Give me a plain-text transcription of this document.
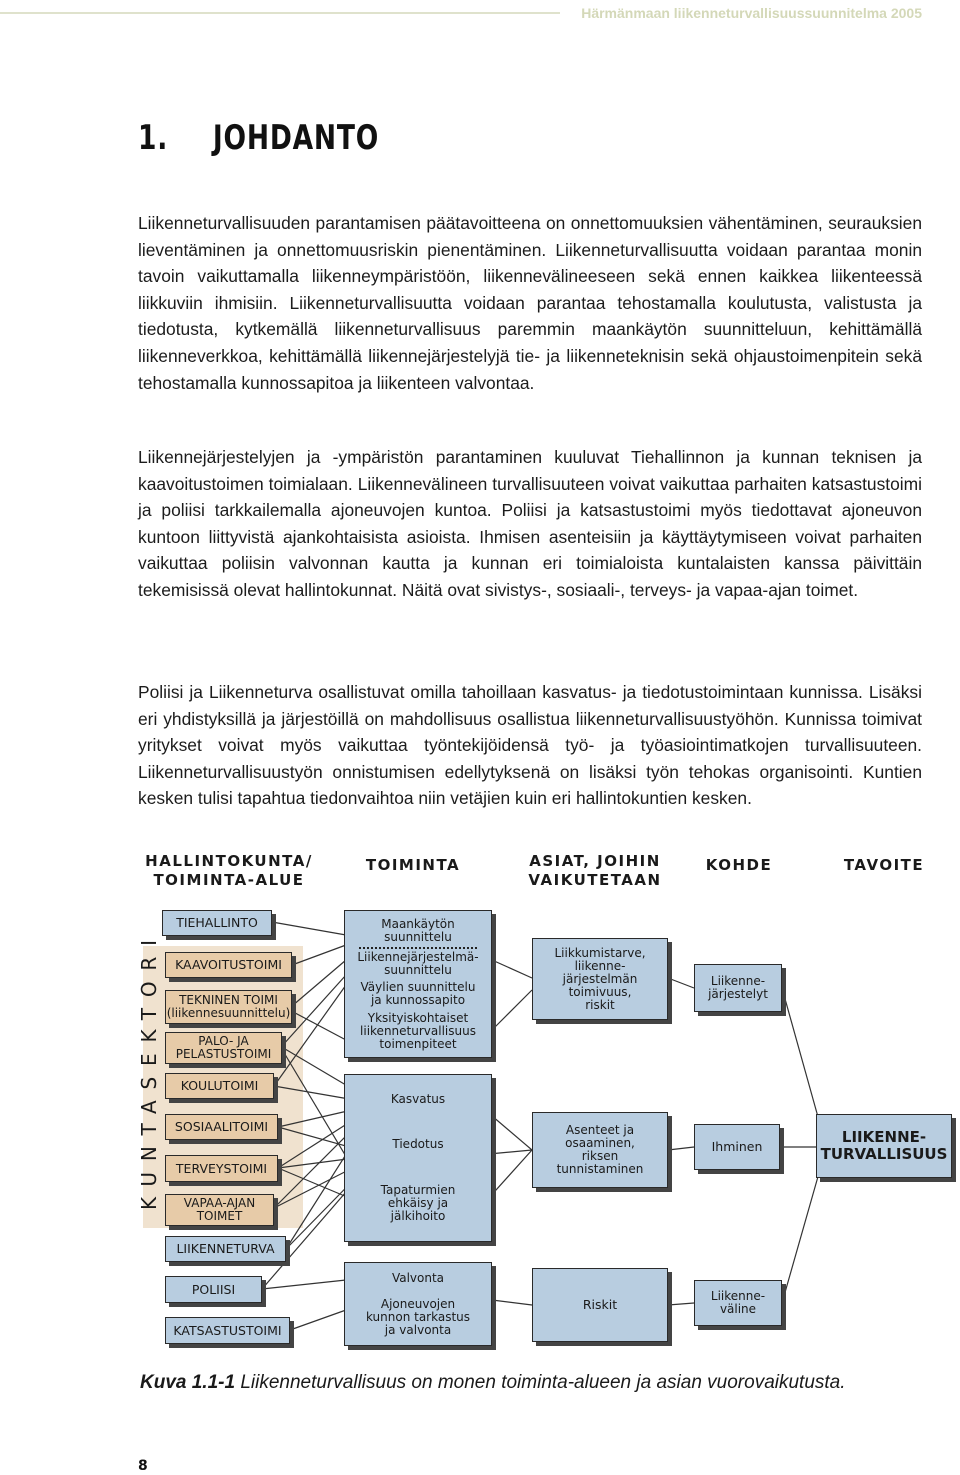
Härmänmaan liikenneturvallisuussuunnitelma 2005
1. JOHDANTO

Liikenneturvallisuuden parantamisen päätavoitteena on onnettomuuksien vähentäminen, seurauksien lieventäminen ja onnettomuusriskin pienentäminen. Liikenneturvallisuutta voidaan parantaa monin tavoin vaikuttamalla liikenneympäristöön, liikennevälineeseen sekä ennen kaikkea liikenteessä liikkuviin ihmisiin. Liikenneturvallisuutta voidaan parantaa tehostamalla koulutusta, valistusta ja tiedotusta, kytkemällä liikenneturvallisuus paremmin maankäytön suunnitteluun, kehittämällä liikenneverkkoa, kehittämällä liikennejärjestelyjä tie- ja liikenneteknisin sekä ohjaustoimenpitein sekä tehostamalla kunnossapitoa ja liikenteen valvontaa.

Liikennejärjestelyjen ja -ympäristön parantaminen kuuluvat Tiehallinnon ja kunnan teknisen ja kaavoitustoimen toimialaan. Liikennevälineen turvallisuuteen voivat vaikuttaa parhaiten katsastustoimi ja poliisi tarkkailemalla ajoneuvojen kuntoa. Poliisi ja katsastustoimi myös tiedottavat ajoneuvon kuntoon liittyvistä ajankohtaisista asioista. Ihmisen asenteisiin ja käyttäytymiseen voivat parhaiten vaikuttaa poliisin valvonnan kautta ja kunnan eri toimialoista kuntalaisten kanssa päivittäin tekemisissä olevat hallintokunnat. Näitä ovat sivistys-, sosiaali-, terveys- ja vapaa-ajan toimet.

Poliisi ja Liikenneturva osallistuvat omilla tahoillaan kasvatus- ja tiedotustoimintaan kunnissa. Lisäksi eri yhdistyksillä ja järjestöillä on mahdollisuus osallistua liikenneturvallisuustyöhön. Kunnissa toimivat yritykset voivat myös vaikuttaa työntekijöidensä työ- ja työasiointimatkojen turvallisuuteen. Liikenneturvallisuustyön onnistumisen edellytyksenä on lisäksi työn tehokas organisointi. Kuntien kesken tulisi tapahtua tiedonvaihtoa niin vetäjien kuin eri hallintokuntien kesken.

HALLINTOKUNTA/
TOIMINTA-ALUE
TOIMINTA	ASIAT, JOIHIN
VAIKUTETAAN
KOHDE	TAVOITE
KUNTASEKTORI
TIEHALLINTO
KAAVOITUSTOIMI
TEKNINEN TOIMI
(liikennesuunnittelu)
PALO- JA
PELASTUSTOIMI
KOULUTOIMI
SOSIAALITOIMI
TERVEYSTOIMI
VAPAA-AJAN
TOIMET
LIIKENNETURVA
POLIISI
KATSASTUSTOIMI
Maankäytön
suunnittelu
Liikennejärjestelmä-
suunnittelu
Väylien suunnittelu
ja kunnossapito
Yksityiskohtaiset
liikenneturvallisuus
toimenpiteet
Kasvatus
Tiedotus
Tapaturmien
ehkäisy ja
jälkihoito
Valvonta
Ajoneuvojen
kunnon tarkastus
ja valvonta
Liikkumistarve,
liikenne-
järjestelmän
toimivuus,
riskit
Asenteet ja
osaaminen,
riksen
tunnistaminen
Riskit
Liikenne-
järjestelyt
Ihminen
Liikenne-
väline
LIIKENNE-
TURVALLISUUS
Kuva 1.1-1 Liikenneturvallisuus on monen toiminta-alueen ja asian vuorovaikutusta.
8
